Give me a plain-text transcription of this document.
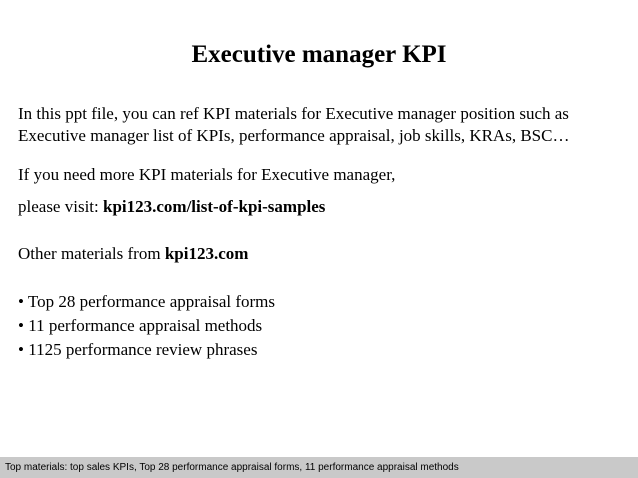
Executive manager KPI
In this ppt file, you can ref KPI materials for Executive manager position such as
Executive manager list of KPIs, performance appraisal, job skills, KRAs, BSC…
If you need more KPI materials for Executive manager,
please visit: kpi123.com/list-of-kpi-samples
Other materials from kpi123.com
• Top 28 performance appraisal forms
• 11 performance appraisal methods
• 1125 performance review phrases
Top materials: top sales KPIs, Top 28 performance appraisal forms, 11 performance appraisal methods
